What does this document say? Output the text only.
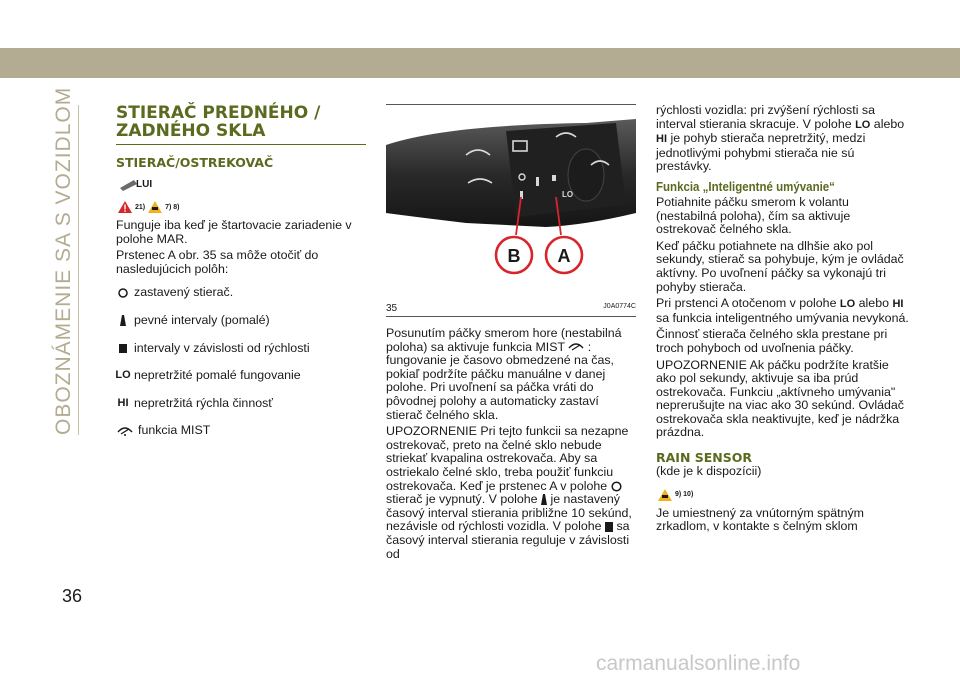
OBOZNÁMENIE SA S VOZIDLOM
36
carmanualsonline.info
STIERAČ PREDNÉHO /
ZADNÉHO SKLA
STIERAČ/OSTREKOVAČ
LUI
21)	7) 8)

Funguje iba keď je štartovacie zariadenie v polohe MAR.

Prstenec A obr. 35 sa môže otočiť do nasledujúcich polôh:

zastavený stierač.
pevné intervaly (pomalé)
intervaly v závislosti od rýchlosti
LO nepretržité pomalé fungovanie
HI nepretržitá rýchla činnosť
funkcia MIST
LO
B A
35	J0A0774C

Posunutím páčky smerom hore (nestabilná poloha) sa aktivuje funkcia MIST : fungovanie je časovo obmedzené na čas, pokiaľ podržíte páčku manuálne v danej polohe. Pri uvoľnení sa páčka vráti do pôvodnej polohy a automaticky zastaví stierač čelného skla.

UPOZORNENIE Pri tejto funkcii sa nezapne ostrekovač, preto na čelné sklo nebude striekať kvapalina ostrekovača. Aby sa ostriekalo čelné sklo, treba použiť funkciu ostrekovača. Keď je prstenec A v polohe  stierač je vypnutý. V polohe je nastavený časový interval stierania približne 10 sekúnd, nezávisle od rýchlosti vozidla. V polohe sa časový interval stierania reguluje v závislosti od

rýchlosti vozidla: pri zvýšení rýchlosti sa interval stierania skracuje. V polohe LO alebo HI je pohyb stierača nepretržitý, medzi jednotlivými pohybmi stierača nie sú prestávky.

Funkcia „Inteligentné umývanie“

Potiahnite páčku smerom k volantu (nestabilná poloha), čím sa aktivuje ostrekovač čelného skla.

Keď páčku potiahnete na dlhšie ako pol sekundy, stierač sa pohybuje, kým je ovládač aktívny. Po uvoľnení páčky sa vykonajú tri pohyby stierača.

Pri prstenci A otočenom v polohe LO alebo HI sa funkcia inteligentného umývania nevykoná.

Činnosť stierača čelného skla prestane pri troch pohyboch od uvoľnenia páčky.

UPOZORNENIE Ak páčku podržíte kratšie ako pol sekundy, aktivuje sa iba prúd ostrekovača. Funkciu „aktívneho umývania" neprerušujte na viac ako 30 sekúnd. Ovládač ostrekovača skla neaktivujte, keď je nádržka prázdna.

RAIN SENSOR

(kde je k dispozícii)

9) 10)

Je umiestnený za vnútorným spätným zrkadlom, v kontakte s čelným sklom
